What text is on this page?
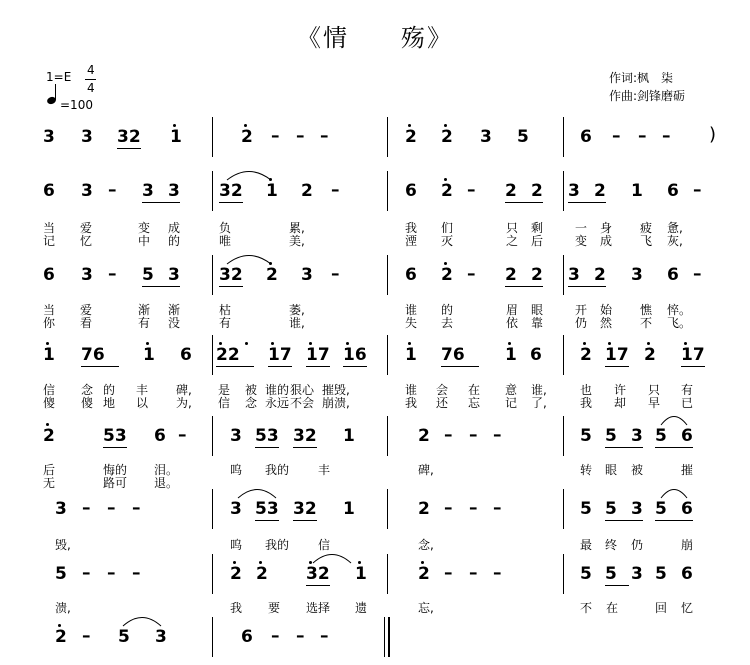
《情　　殇》
1=E 4
4
=100
作词:枫　柒
作曲:剑锋磨砺
3 3 32 1	2 – – –	2 2 3 5	6 – – – )
6 3 – 3 3 32 1 2 –	6 2 – 2 2 3 2 1 6 –
当 爱	变 成	负	累,	我 们	只 剩	一 身 疲 惫,
记 忆	中 的	唯	美,	湮 灭	之 后	变 成 飞 灰,
6 3 – 5 3 32 2 3 –	6 2 – 2 2 3 2 3 6 –
当 爱	渐 渐	枯	萎,	谁 的	眉 眼	开 始 憔 悴。
你 看	有 没	有	谁,	失 去	依 靠	仍 然 不 飞。
1 76 1 6 22 17 17 16 1 76 1 6 2 17 2 17
信 念 的 丰 碑, 是 被 谁的 狠心 摧毁,	谁 会 在 意 谁,	也 许 只 有
傻 傻 地 以 为, 信 念 永远 不会 崩溃,	我 还 忘 记 了,	我 却 早 已
2	53 6 –	3 53 32 1	2 – – –	5 5 3 5 6
后	悔的 泪。	呜 我的 丰	碑,	转 眼 被	摧
无	路可 退。
3 – – –	3 53 32 1	2 – – –	5 5 3 5 6
毁,	呜 我的 信	念,	最 终 仍	崩
5 – – –	2 2 32 1	2 – – –	5 5 3 5 6
溃,	我 要 选择 遗	忘,	不 在	回 忆
2 – 5 3	6 – – –
